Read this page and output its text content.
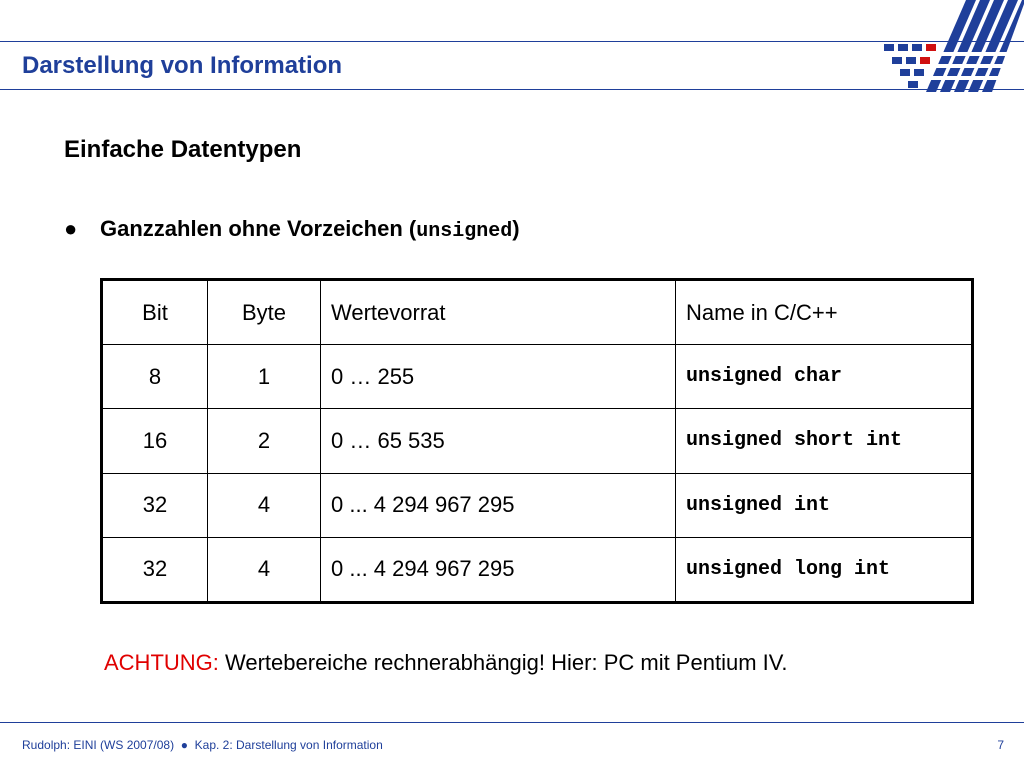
Darstellung von Information
Einfache Datentypen
● Ganzzahlen ohne Vorzeichen (unsigned)
Bit	Byte	Wertevorrat	Name in C/C++
8	1	0 … 255	unsigned char
16	2	0 … 65 535	unsigned short int
32	4	0 ... 4 294 967 295	unsigned int
32	4	0 ... 4 294 967 295	unsigned long int
ACHTUNG: Wertebereiche rechnerabhängig! Hier: PC mit Pentium IV.
Rudolph: EINI (WS 2007/08)  ●  Kap. 2: Darstellung von Information	7
